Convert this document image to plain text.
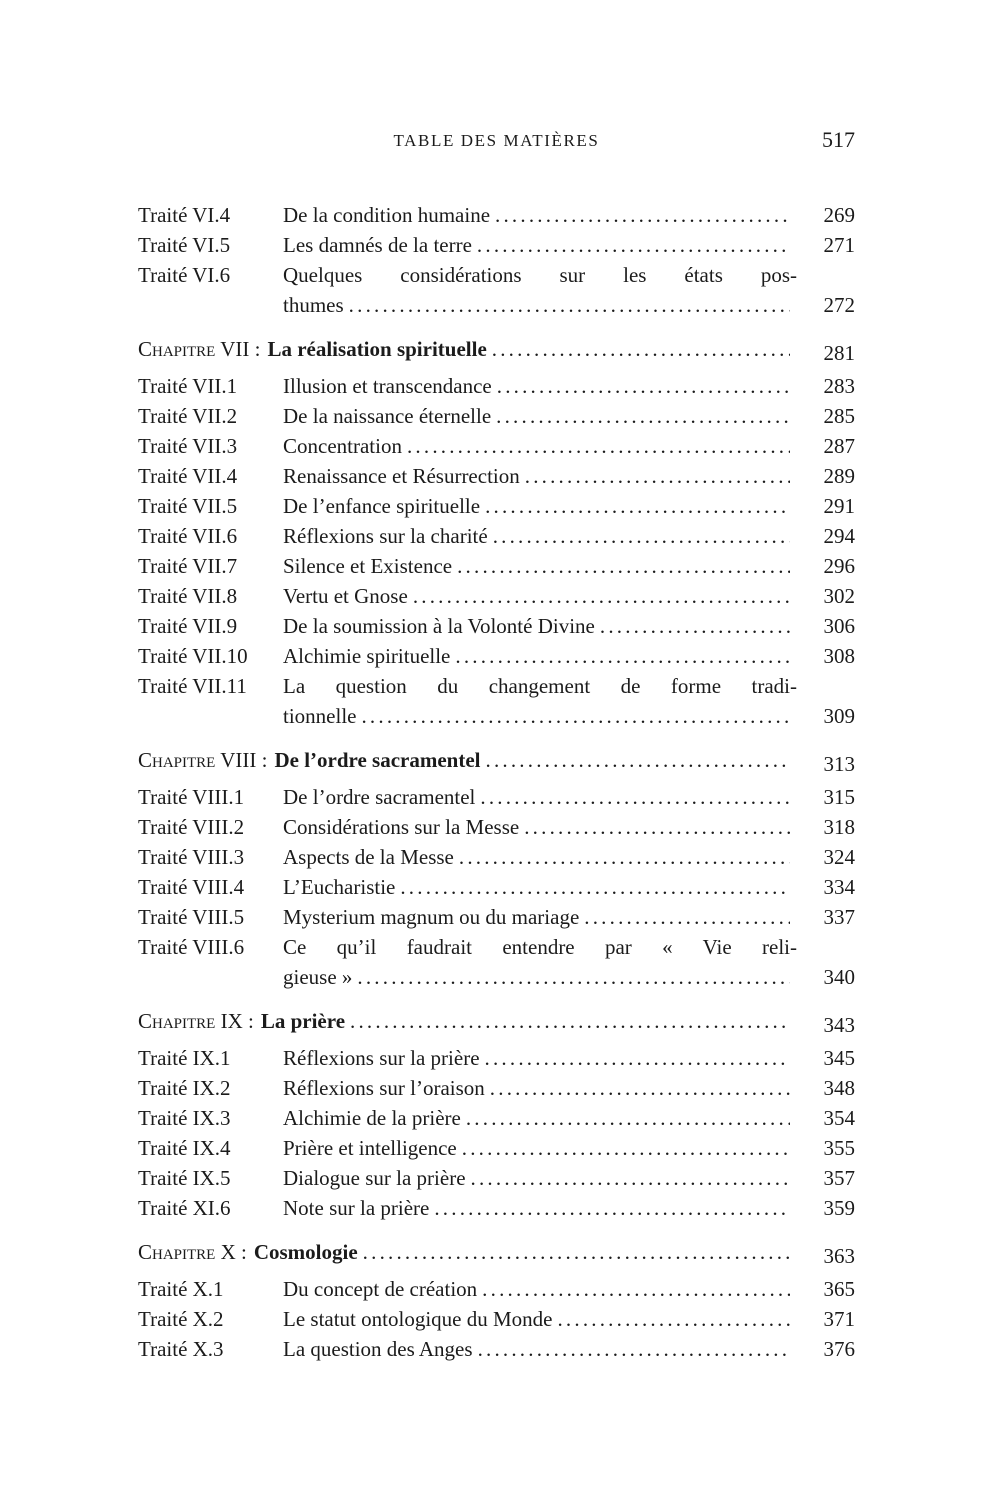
TABLE DES MATIÈRES	517
Traité VI.4	De la condition humaine .....	269
Traité VI.5	Les damnés de la terre .....	271
Traité VI.6	Quelques considérations sur les états pos-
thumes .....	272
Chapitre VII : La réalisation spirituelle .....	281
Traité VII.1	Illusion et transcendance .....	283
Traité VII.2	De la naissance éternelle .....	285
Traité VII.3	Concentration .....	287
Traité VII.4	Renaissance et Résurrection .....	289
Traité VII.5	De l’enfance spirituelle .....	291
Traité VII.6	Réflexions sur la charité .....	294
Traité VII.7	Silence et Existence .....	296
Traité VII.8	Vertu et Gnose .....	302
Traité VII.9	De la soumission à la Volonté Divine .....	306
Traité VII.10	Alchimie spirituelle .....	308
Traité VII.11	La question du changement de forme tradi-
tionnelle .....	309
Chapitre VIII : De l’ordre sacramentel .....	313
Traité VIII.1	De l’ordre sacramentel .....	315
Traité VIII.2	Considérations sur la Messe .....	318
Traité VIII.3	Aspects de la Messe .....	324
Traité VIII.4	L’Eucharistie .....	334
Traité VIII.5	Mysterium magnum ou du mariage .....	337
Traité VIII.6	Ce qu’il faudrait entendre par « Vie reli-
gieuse » .....	340
Chapitre IX : La prière .....	343
Traité IX.1	Réflexions sur la prière .....	345
Traité IX.2	Réflexions sur l’oraison .....	348
Traité IX.3	Alchimie de la prière .....	354
Traité IX.4	Prière et intelligence .....	355
Traité IX.5	Dialogue sur la prière .....	357
Traité XI.6	Note sur la prière .....	359
Chapitre X : Cosmologie .....	363
Traité X.1	Du concept de création .....	365
Traité X.2	Le statut ontologique du Monde .....	371
Traité X.3	La question des Anges .....	376
